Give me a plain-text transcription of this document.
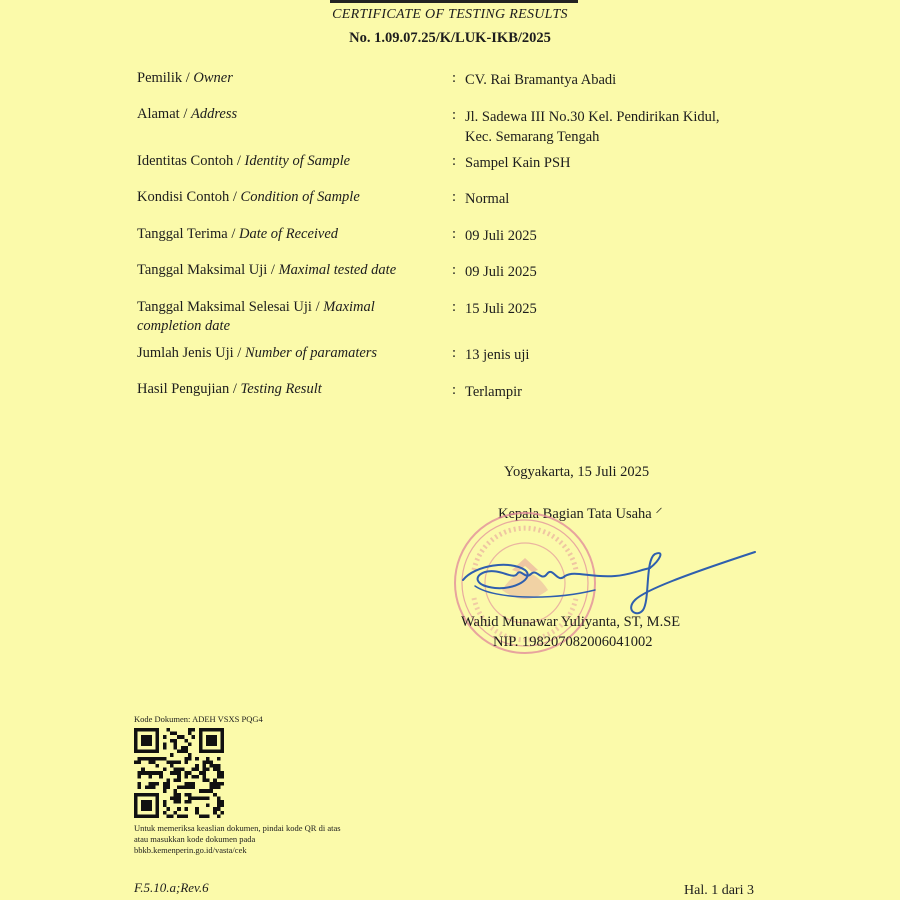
CERTIFICATE OF TESTING RESULTS
No. 1.09.07.25/K/LUK-IKB/2025
Pemilik / Owner	: CV. Rai Bramantya Abadi
Alamat / Address	: Jl. Sadewa III No.30 Kel. Pendirikan Kidul,
Kec. Semarang Tengah
Identitas Contoh / Identity of Sample	: Sampel Kain PSH
Kondisi Contoh / Condition of Sample	: Normal
Tanggal Terima / Date of Received	: 09 Juli 2025
Tanggal Maksimal Uji / Maximal tested date	: 09 Juli 2025
Tanggal Maksimal Selesai Uji / Maximal
completion date
: 15 Juli 2025
Jumlah Jenis Uji / Number of paramaters	: 13 jenis uji
Hasil Pengujian / Testing Result	: Terlampir
Yogyakarta, 15 Juli 2025
Kepala Bagian Tata Usaha ⸍
Wahid Munawar Yuliyanta, ST, M.SE
NIP. 198207082006041002
Kode Dokumen: ADEH VSXS PQG4
Untuk memeriksa keaslian dokumen, pindai kode QR di atas
atau masukkan kode dokumen pada
bbkb.kemenperin.go.id/vasta/cek
F.5.10.a;Rev.6	Hal. 1 dari 3
